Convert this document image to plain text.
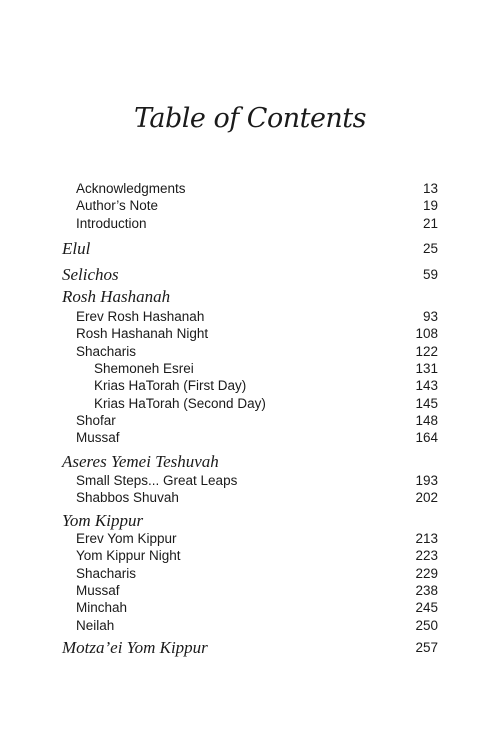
Table of Contents
Acknowledgments	13
Author’s Note	19
Introduction	21
Elul	25
Selichos	59
Rosh Hashanah
Erev Rosh Hashanah	93
Rosh Hashanah Night	108
Shacharis	122
Shemoneh Esrei	131
Krias HaTorah (First Day)	143
Krias HaTorah (Second Day)	145
Shofar	148
Mussaf	164
Aseres Yemei Teshuvah
Small Steps... Great Leaps	193
Shabbos Shuvah	202
Yom Kippur
Erev Yom Kippur	213
Yom Kippur Night	223
Shacharis	229
Mussaf	238
Minchah	245
Neilah	250
Motza’ei Yom Kippur	257
